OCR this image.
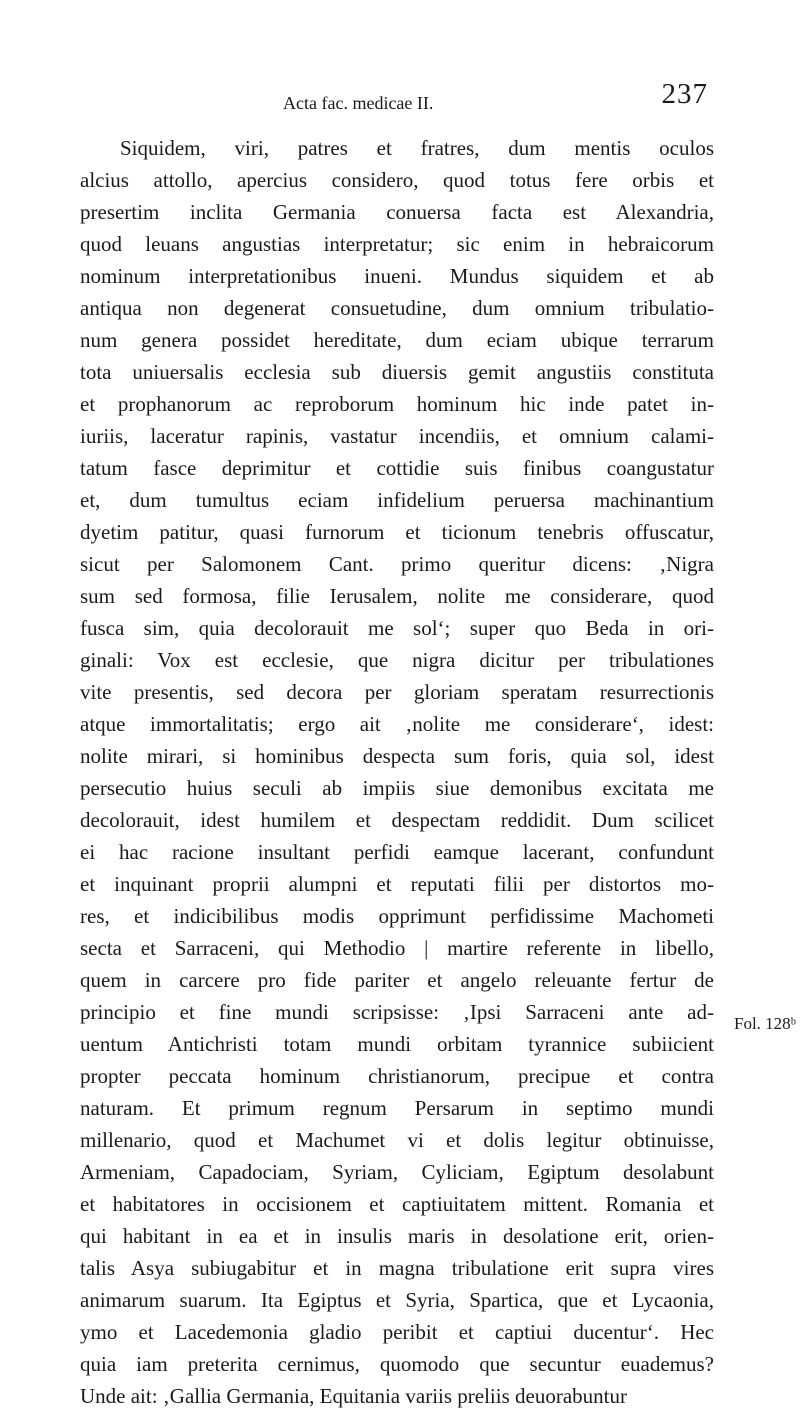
Acta fac. medicae II.	237
Siquidem, viri, patres et fratres, dum mentis oculos
alcius attollo, apercius considero, quod totus fere orbis et
presertim inclita Germania conuersa facta est Alexandria,
quod leuans angustias interpretatur; sic enim in hebraicorum
nominum interpretationibus inueni. Mundus siquidem et ab
antiqua non degenerat consuetudine, dum omnium tribulatio-
num genera possidet hereditate, dum eciam ubique terrarum
tota uniuersalis ecclesia sub diuersis gemit angustiis constituta
et prophanorum ac reproborum hominum hic inde patet in-
iuriis, laceratur rapinis, vastatur incendiis, et omnium calami-
tatum fasce deprimitur et cottidie suis finibus coangustatur
et, dum tumultus eciam infidelium peruersa machinantium
dyetim patitur, quasi furnorum et ticionum tenebris offuscatur,
sicut per Salomonem Cant. primo queritur dicens: ‚Nigra
sum sed formosa, filie Ierusalem, nolite me considerare, quod
fusca sim, quia decolorauit me sol‘; super quo Beda in ori-
ginali: Vox est ecclesie, que nigra dicitur per tribulationes
vite presentis, sed decora per gloriam speratam resurrectionis
atque immortalitatis; ergo ait ‚nolite me considerare‘, idest:
nolite mirari, si hominibus despecta sum foris, quia sol, idest
persecutio huius seculi ab impiis siue demonibus excitata me
decolorauit, idest humilem et despectam reddidit. Dum scilicet
ei hac racione insultant perfidi eamque lacerant, confundunt
et inquinant proprii alumpni et reputati filii per distortos mo-
res, et indicibilibus modis opprimunt perfidissime Machometi
secta et Sarraceni, qui Methodio | martire referente in libello,
quem in carcere pro fide pariter et angelo releuante fertur de
principio et fine mundi scripsisse: ‚Ipsi Sarraceni ante ad-
uentum Antichristi totam mundi orbitam tyrannice subiicient
propter peccata hominum christianorum, precipue et contra
naturam. Et primum regnum Persarum in septimo mundi
millenario, quod et Machumet vi et dolis legitur obtinuisse,
Armeniam, Capadociam, Syriam, Cyliciam, Egiptum desolabunt
et habitatores in occisionem et captiuitatem mittent. Romania et
qui habitant in ea et in insulis maris in desolatione erit, orien-
talis Asya subiugabitur et in magna tribulatione erit supra vires
animarum suarum. Ita Egiptus et Syria, Spartica, que et Lycaonia,
ymo et Lacedemonia gladio peribit et captiui ducentur‘. Hec
quia iam preterita cernimus, quomodo que secuntur euademus?
Unde ait: ‚Gallia Germania, Equitania variis preliis deuorabuntur
Fol. 128ᵇ
